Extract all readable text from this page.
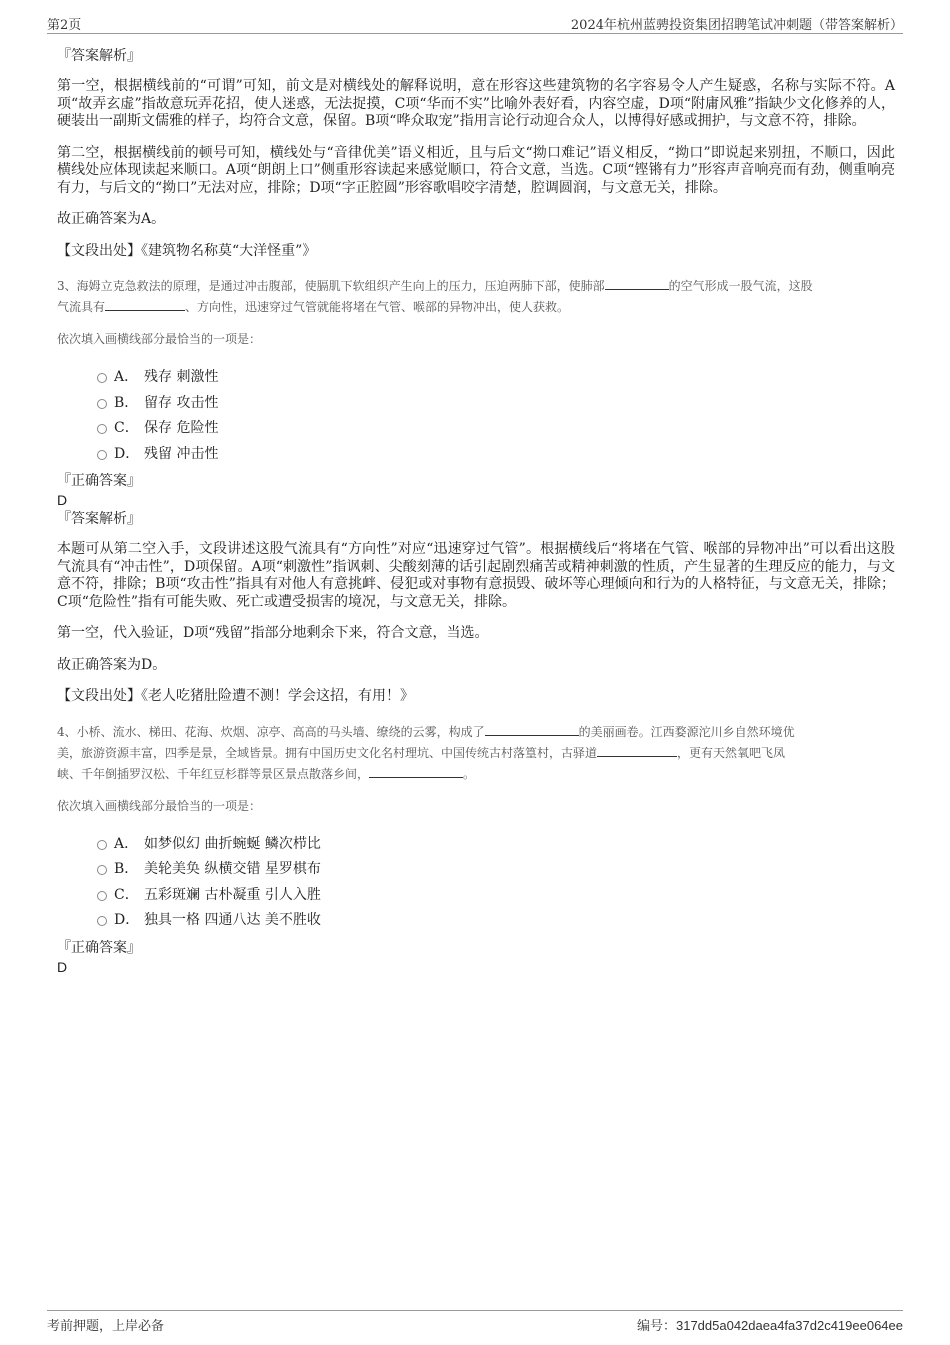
第2页	2024年杭州蓝骋投资集团招聘笔试冲刺题（带答案解析）
『答案解析』

第一空，根据横线前的“可谓”可知，前文是对横线处的解释说明，意在形容这些建筑物的名字容易令人产生疑惑，名称与实际不符。A项“故弄玄虚”指故意玩弄花招，使人迷惑，无法捉摸，C项“华而不实”比喻外表好看，内容空虚，D项“附庸风雅”指缺少文化修养的人，硬装出一副斯文儒雅的样子，均符合文意，保留。B项“哗众取宠”指用言论行动迎合众人，以博得好感或拥护，与文意不符，排除。

第二空，根据横线前的顿号可知，横线处与“音律优美”语义相近，且与后文“拗口难记”语义相反，“拗口”即说起来别扭，不顺口，因此横线处应体现读起来顺口。A项“朗朗上口”侧重形容读起来感觉顺口，符合文意，当选。C项“铿锵有力”形容声音响亮而有劲，侧重响亮有力，与后文的“拗口”无法对应，排除；D项“字正腔圆”形容歌唱咬字清楚，腔调圆润，与文意无关，排除。

故正确答案为A。

【文段出处】《建筑物名称莫“大洋怪重”》

3、海姆立克急救法的原理，是通过冲击腹部，使膈肌下软组织产生向上的压力，压迫两肺下部，使肺部	的空气形成一股气流，这股
气流具有	、方向性，迅速穿过气管就能将堵在气管、喉部的异物冲出，使人获救。

依次填入画横线部分最恰当的一项是：
A． 残存 刺激性
B． 留存 攻击性
C． 保存 危险性
D． 残留 冲击性
『正确答案』
D
『答案解析』

本题可从第二空入手，文段讲述这股气流具有“方向性”对应“迅速穿过气管”。根据横线后“将堵在气管、喉部的异物冲出”可以看出这股气流具有“冲击性”，D项保留。A项“刺激性”指讽刺、尖酸刻薄的话引起剧烈痛苦或精神刺激的性质，产生显著的生理反应的能力，与文意不符，排除；B项“攻击性”指具有对他人有意挑衅、侵犯或对事物有意损毁、破坏等心理倾向和行为的人格特征，与文意无关，排除；C项“危险性”指有可能失败、死亡或遭受损害的境况，与文意无关，排除。

第一空，代入验证，D项“残留”指部分地剩余下来，符合文意，当选。

故正确答案为D。

【文段出处】《老人吃猪肚险遭不测！学会这招，有用！》

4、小桥、流水、梯田、花海、炊烟、凉亭、高高的马头墙、缭绕的云雾，构成了	的美丽画卷。江西婺源沱川乡自然环境优
美，旅游资源丰富，四季是景，全域皆景。拥有中国历史文化名村理坑、中国传统古村落篁村，古驿道	，更有天然氧吧飞凤
峡、千年倒插罗汉松、千年红豆杉群等景区景点散落乡间，	。

依次填入画横线部分最恰当的一项是：
A． 如梦似幻 曲折蜿蜒 鳞次栉比
B． 美轮美奂 纵横交错 星罗棋布
C． 五彩斑斓 古朴凝重 引人入胜
D． 独具一格 四通八达 美不胜收
『正确答案』
D
考前押题，上岸必备	编号：317dd5a042daea4fa37d2c419ee064ee
